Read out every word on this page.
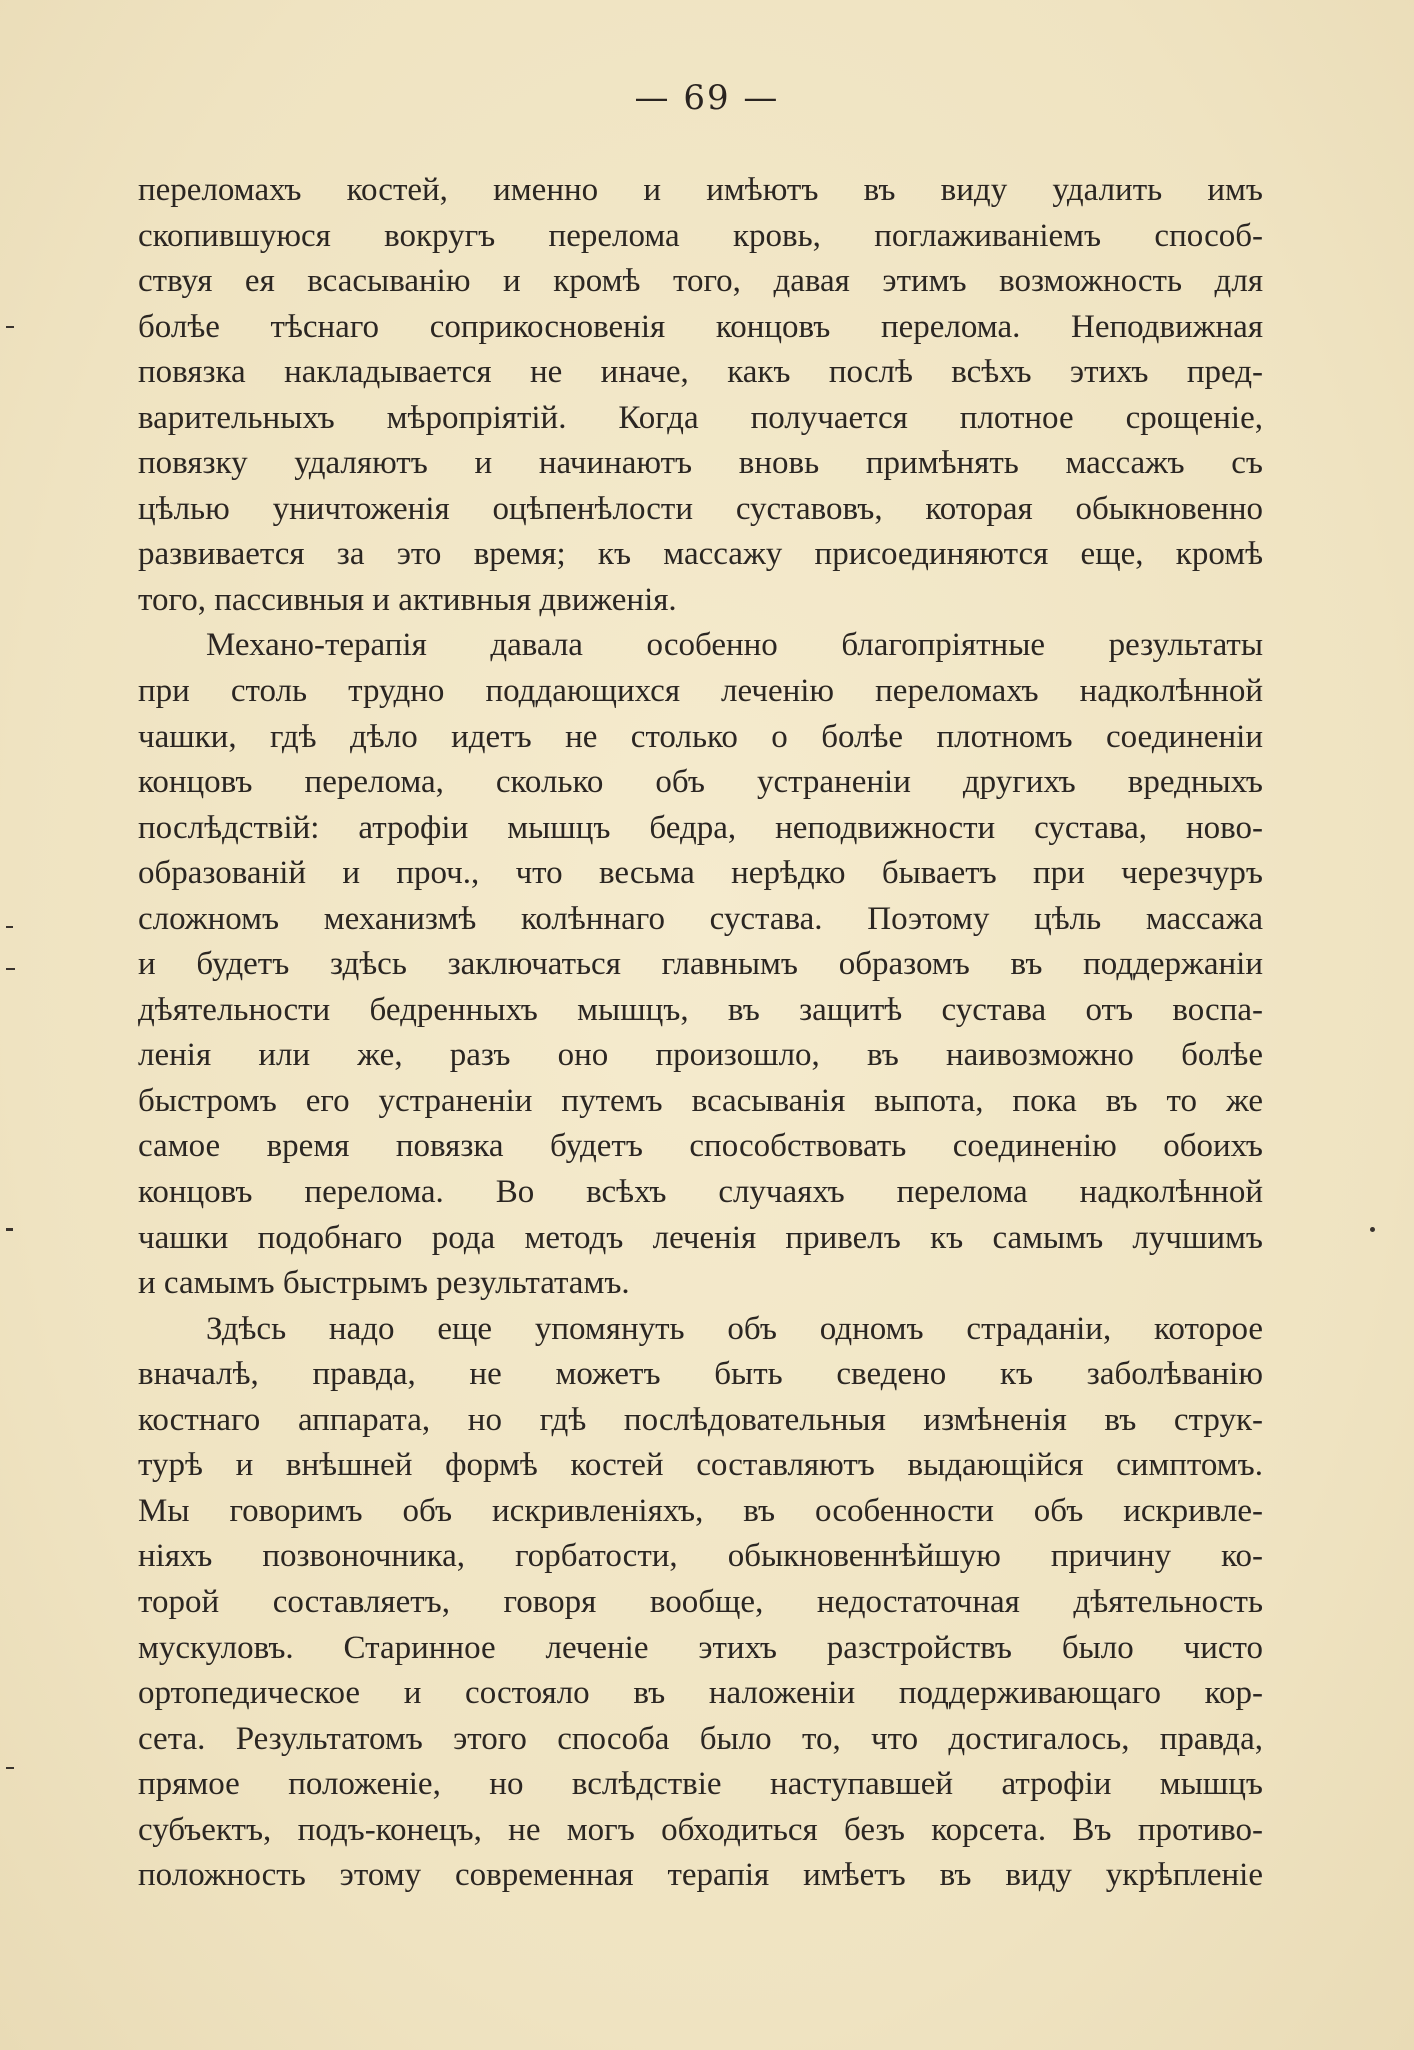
— 69 —
переломахъ костей, именно и имѣютъ въ виду удалить имъ
скопившуюся вокругъ перелома кровь, поглаживаніемъ способ-
ствуя ея всасыванію и кромѣ того, давая этимъ возможность для
болѣе тѣснаго соприкосновенія концовъ перелома. Неподвижная
повязка накладывается не иначе, какъ послѣ всѣхъ этихъ пред-
варительныхъ мѣропріятій. Когда получается плотное срощеніе,
повязку удаляютъ и начинаютъ вновь примѣнять массажъ съ
цѣлью уничтоженія оцѣпенѣлости суставовъ, которая обыкновенно
развивается за это время; къ массажу присоединяются еще, кромѣ
того, пассивныя и активныя движенія.
Механо-терапія давала особенно благопріятные результаты
при столь трудно поддающихся леченію переломахъ надколѣнной
чашки, гдѣ дѣло идетъ не столько о болѣе плотномъ соединеніи
концовъ перелома, сколько объ устраненіи другихъ вредныхъ
послѣдствій: атрофіи мышцъ бедра, неподвижности сустава, ново-
образованій и проч., что весьма нерѣдко бываетъ при черезчуръ
сложномъ механизмѣ колѣннаго сустава. Поэтому цѣль массажа
и будетъ здѣсь заключаться главнымъ образомъ въ поддержаніи
дѣятельности бедренныхъ мышцъ, въ защитѣ сустава отъ воспа-
ленія или же, разъ оно произошло, въ наивозможно болѣе
быстромъ его устраненіи путемъ всасыванія выпота, пока въ то же
самое время повязка будетъ способствовать соединенію обоихъ
концовъ перелома. Во всѣхъ случаяхъ перелома надколѣнной
чашки подобнаго рода методъ леченія привелъ къ самымъ лучшимъ
и самымъ быстрымъ результатамъ.
Здѣсь надо еще упомянуть объ одномъ страданіи, которое
вначалѣ, правда, не можетъ быть сведено къ заболѣванію
костнаго аппарата, но гдѣ послѣдовательныя измѣненія въ струк-
турѣ и внѣшней формѣ костей составляютъ выдающійся симптомъ.
Мы говоримъ объ искривленіяхъ, въ особенности объ искривле-
ніяхъ позвоночника, горбатости, обыкновеннѣйшую причину ко-
торой составляетъ, говоря вообще, недостаточная дѣятельность
мускуловъ. Старинное леченіе этихъ разстройствъ было чисто
ортопедическое и состояло въ наложеніи поддерживающаго кор-
сета. Результатомъ этого способа было то, что достигалось, правда,
прямое положеніе, но вслѣдствіе наступавшей атрофіи мышцъ
субъектъ, подъ-конецъ, не могъ обходиться безъ корсета. Въ противо-
положность этому современная терапія имѣетъ въ виду укрѣпленіе
